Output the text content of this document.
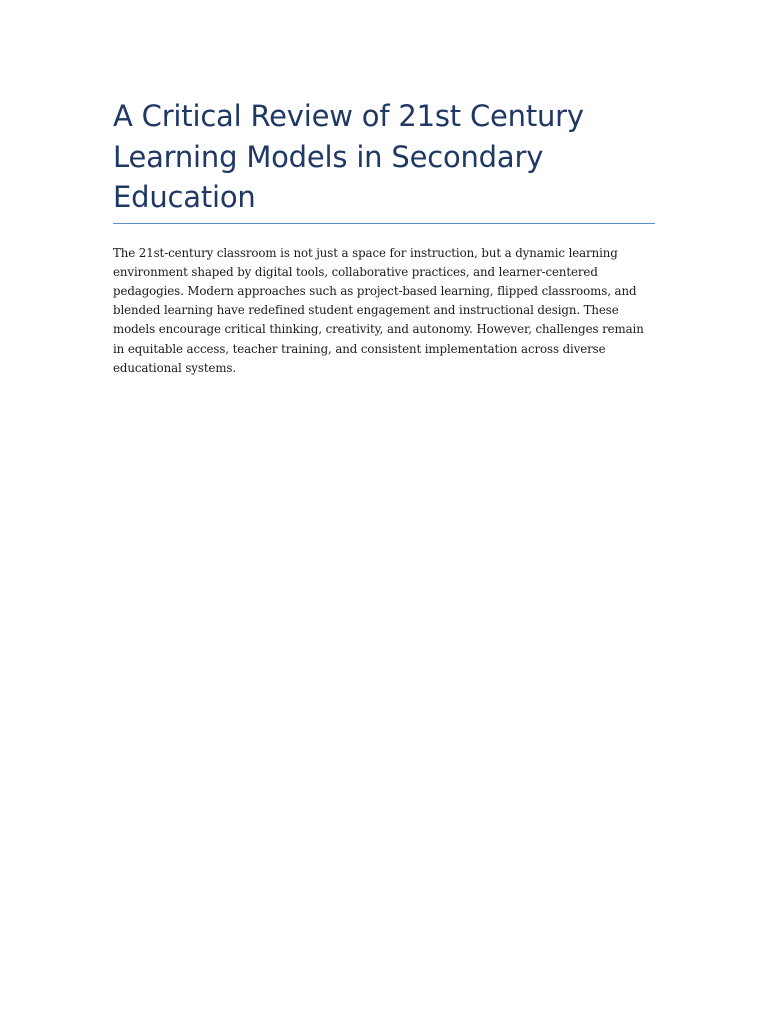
A Critical Review of 21st Century Learning Models in Secondary Education

The 21st-century classroom is not just a space for instruction, but a dynamic learning environment shaped by digital tools, collaborative practices, and learner-centered pedagogies. Modern approaches such as project-based learning, flipped classrooms, and blended learning have redefined student engagement and instructional design. These models encourage critical thinking, creativity, and autonomy. However, challenges remain in equitable access, teacher training, and consistent implementation across diverse educational systems.
